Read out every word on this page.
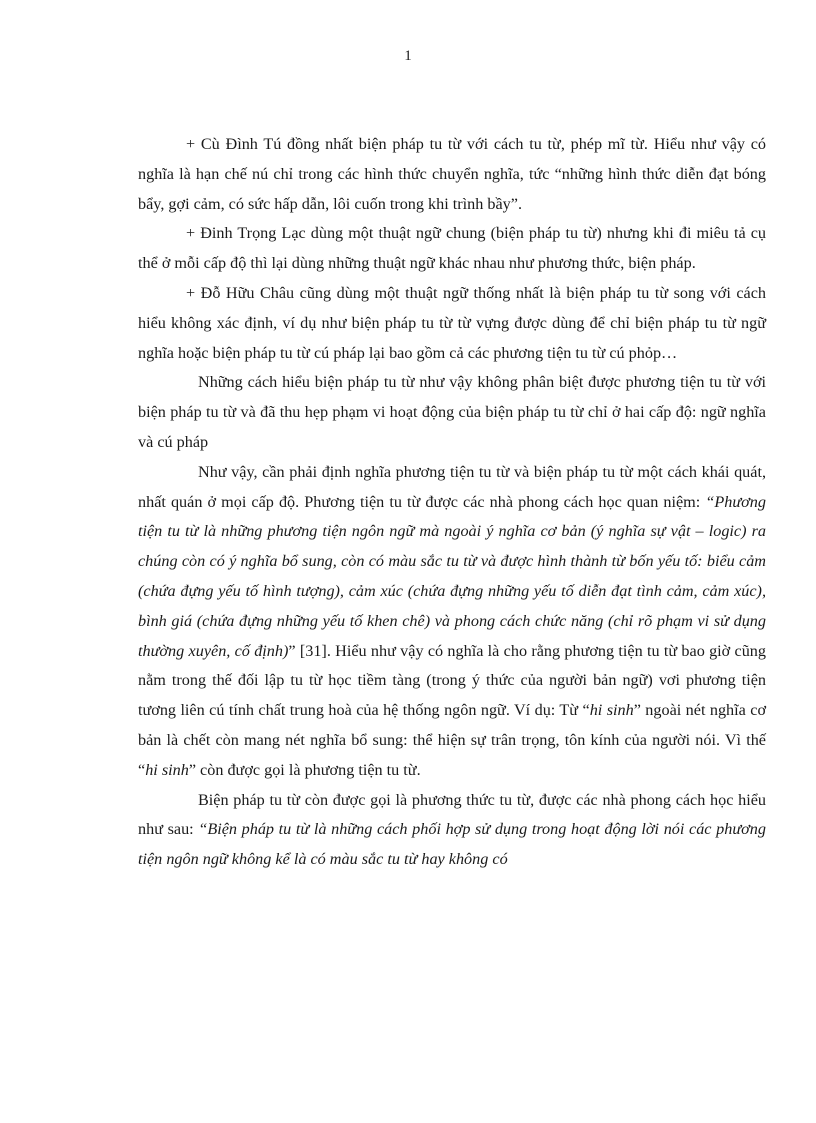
1

+ Cù Đình Tú đồng nhất biện pháp tu từ với cách tu từ, phép mĩ từ. Hiểu như vậy có nghĩa là hạn chế nú chỉ trong các hình thức chuyển nghĩa, tức “những hình thức diễn đạt bóng bẩy, gợi cảm, có sức hấp dẫn, lôi cuốn trong khi trình bầy”.

+ Đinh Trọng Lạc dùng một thuật ngữ chung (biện pháp tu từ) nhưng khi đi miêu tả cụ thể ở mỗi cấp độ thì lại dùng những thuật ngữ khác nhau như phương thức, biện pháp.

+ Đỗ Hữu Châu cũng dùng một thuật ngữ thống nhất là biện pháp tu từ song với cách hiểu không xác định, ví dụ như biện pháp tu từ từ vựng được dùng để chỉ biện pháp tu từ ngữ nghĩa hoặc biện pháp tu từ cú pháp lại bao gồm cả các phương tiện tu từ cú phỏp…

Những cách hiểu biện pháp tu từ như vậy không phân biệt được phương tiện tu từ với biện pháp tu từ và đã thu hẹp phạm vi hoạt động của biện pháp tu từ chỉ ở hai cấp độ: ngữ nghĩa và cú pháp

Như vậy, cần phải định nghĩa phương tiện tu từ và biện pháp tu từ một cách khái quát, nhất quán ở mọi cấp độ. Phương tiện tu từ được các nhà phong cách học quan niệm: “Phương tiện tu từ là những phương tiện ngôn ngữ mà ngoài ý nghĩa cơ bản (ý nghĩa sự vật – logic) ra chúng còn có ý nghĩa bổ sung, còn có màu sắc tu từ và được hình thành từ bốn yếu tố: biểu cảm (chứa đựng yếu tố hình tượng), cảm xúc (chứa đựng những yếu tố diễn đạt tình cảm, cảm xúc), bình giá (chứa đựng những yếu tố khen chê) và phong cách chức năng (chỉ rõ phạm vi sử dụng thường xuyên, cố định)” [31]. Hiểu như vậy có nghĩa là cho rằng phương tiện tu từ bao giờ cũng nằm trong thế đối lập tu từ học tiềm tàng (trong ý thức của người bản ngữ) vơi phương tiện tương liên cú tính chất trung hoà của hệ thống ngôn ngữ. Ví dụ: Từ “hi sinh” ngoài nét nghĩa cơ bản là chết còn mang nét nghĩa bổ sung: thể hiện sự trân trọng, tôn kính của người nói. Vì thế “hi sinh” còn được gọi là phương tiện tu từ.

Biện pháp tu từ còn được gọi là phương thức tu từ, được các nhà phong cách học hiểu như sau: “Biện pháp tu từ là những cách phối hợp sử dụng trong hoạt động lời nói các phương tiện ngôn ngữ không kể là có màu sắc tu từ hay không có
